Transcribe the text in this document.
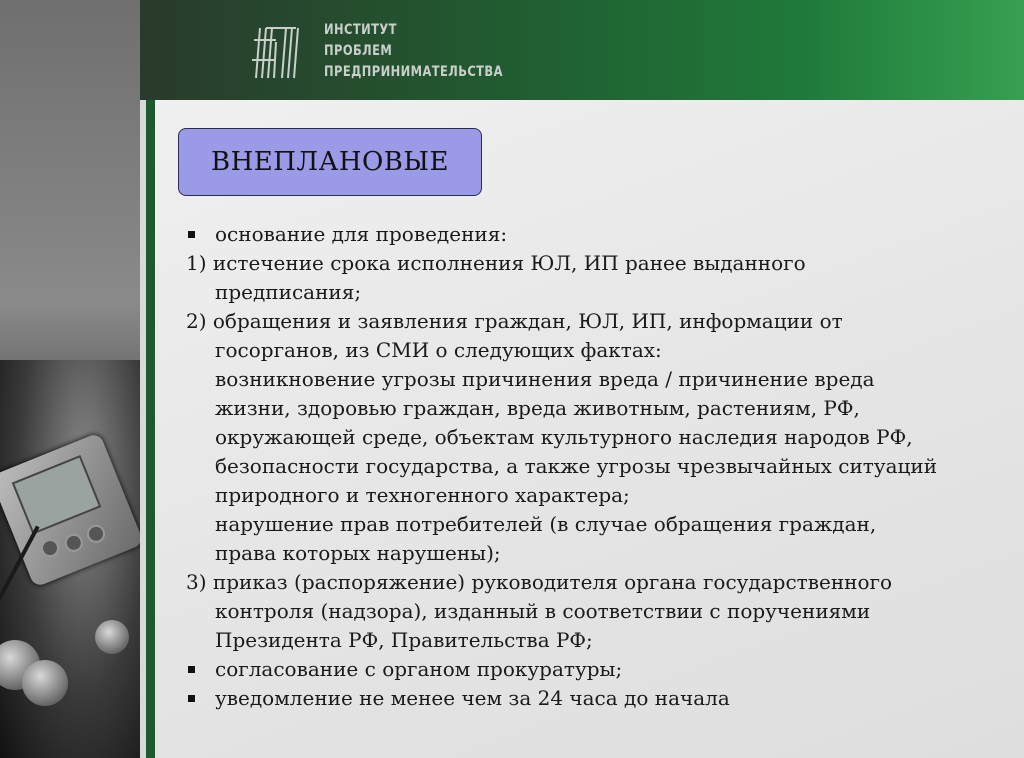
ИНСТИТУТ
ПРОБЛЕМ
ПРЕДПРИНИМАТЕЛЬСТВА
ВНЕПЛАНОВЫЕ
основание для проведения:
1) истечение срока исполнения ЮЛ, ИП ранее выданного
предписания;
2) обращения и заявления граждан, ЮЛ, ИП, информации от
госорганов, из СМИ о следующих фактах:
возникновение угрозы причинения вреда / причинение вреда
жизни, здоровью граждан, вреда животным, растениям, РФ,
окружающей среде, объектам культурного наследия народов РФ,
безопасности государства, а также угрозы чрезвычайных ситуаций
природного и техногенного характера;
нарушение прав потребителей (в случае обращения граждан,
права которых нарушены);
3) приказ (распоряжение) руководителя органа государственного
контроля (надзора), изданный в соответствии с поручениями
Президента РФ, Правительства РФ;
согласование с органом прокуратуры;
уведомление не менее чем за 24 часа до начала
